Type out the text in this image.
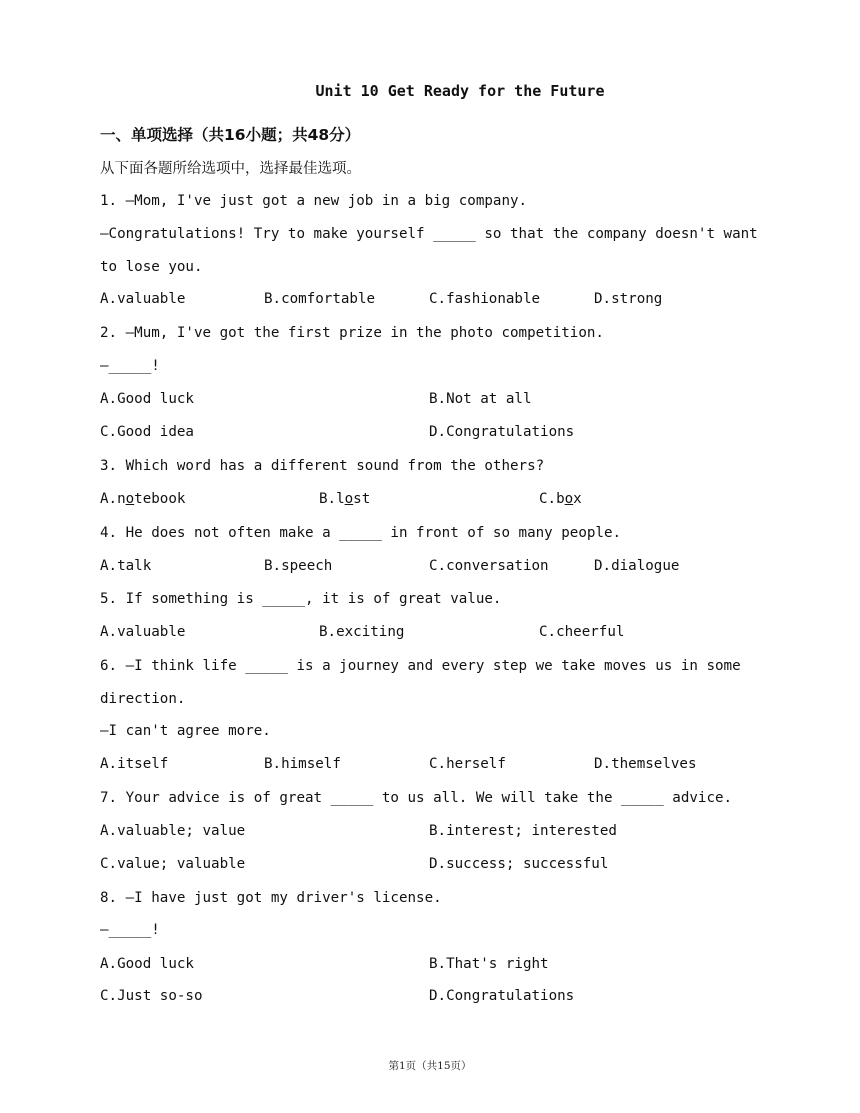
Unit 10 Get Ready for the Future
一、单项选择（共16小题；共48分）
从下面各题所给选项中，选择最佳选项。
1. —Mom, I've just got a new job in a big company.
—Congratulations! Try to make yourself _____ so that the company doesn't want
to lose you.
A.valuable	B.comfortable	C.fashionable	D.strong
2. —Mum, I've got the first prize in the photo competition.
—_____!
A.Good luck	B.Not at all
C.Good idea	D.Congratulations
3. Which word has a different sound from the others?
A.notebook	B.lost	C.box
4. He does not often make a _____ in front of so many people.
A.talk	B.speech	C.conversation	D.dialogue
5. If something is _____, it is of great value.
A.valuable	B.exciting	C.cheerful
6. —I think life _____ is a journey and every step we take moves us in some
direction.
—I can't agree more.
A.itself	B.himself	C.herself	D.themselves
7. Your advice is of great _____ to us all. We will take the _____ advice.
A.valuable; value	B.interest; interested
C.value; valuable	D.success; successful
8. —I have just got my driver's license.
—_____!
A.Good luck	B.That's right
C.Just so-so	D.Congratulations
第1页（共15页）
